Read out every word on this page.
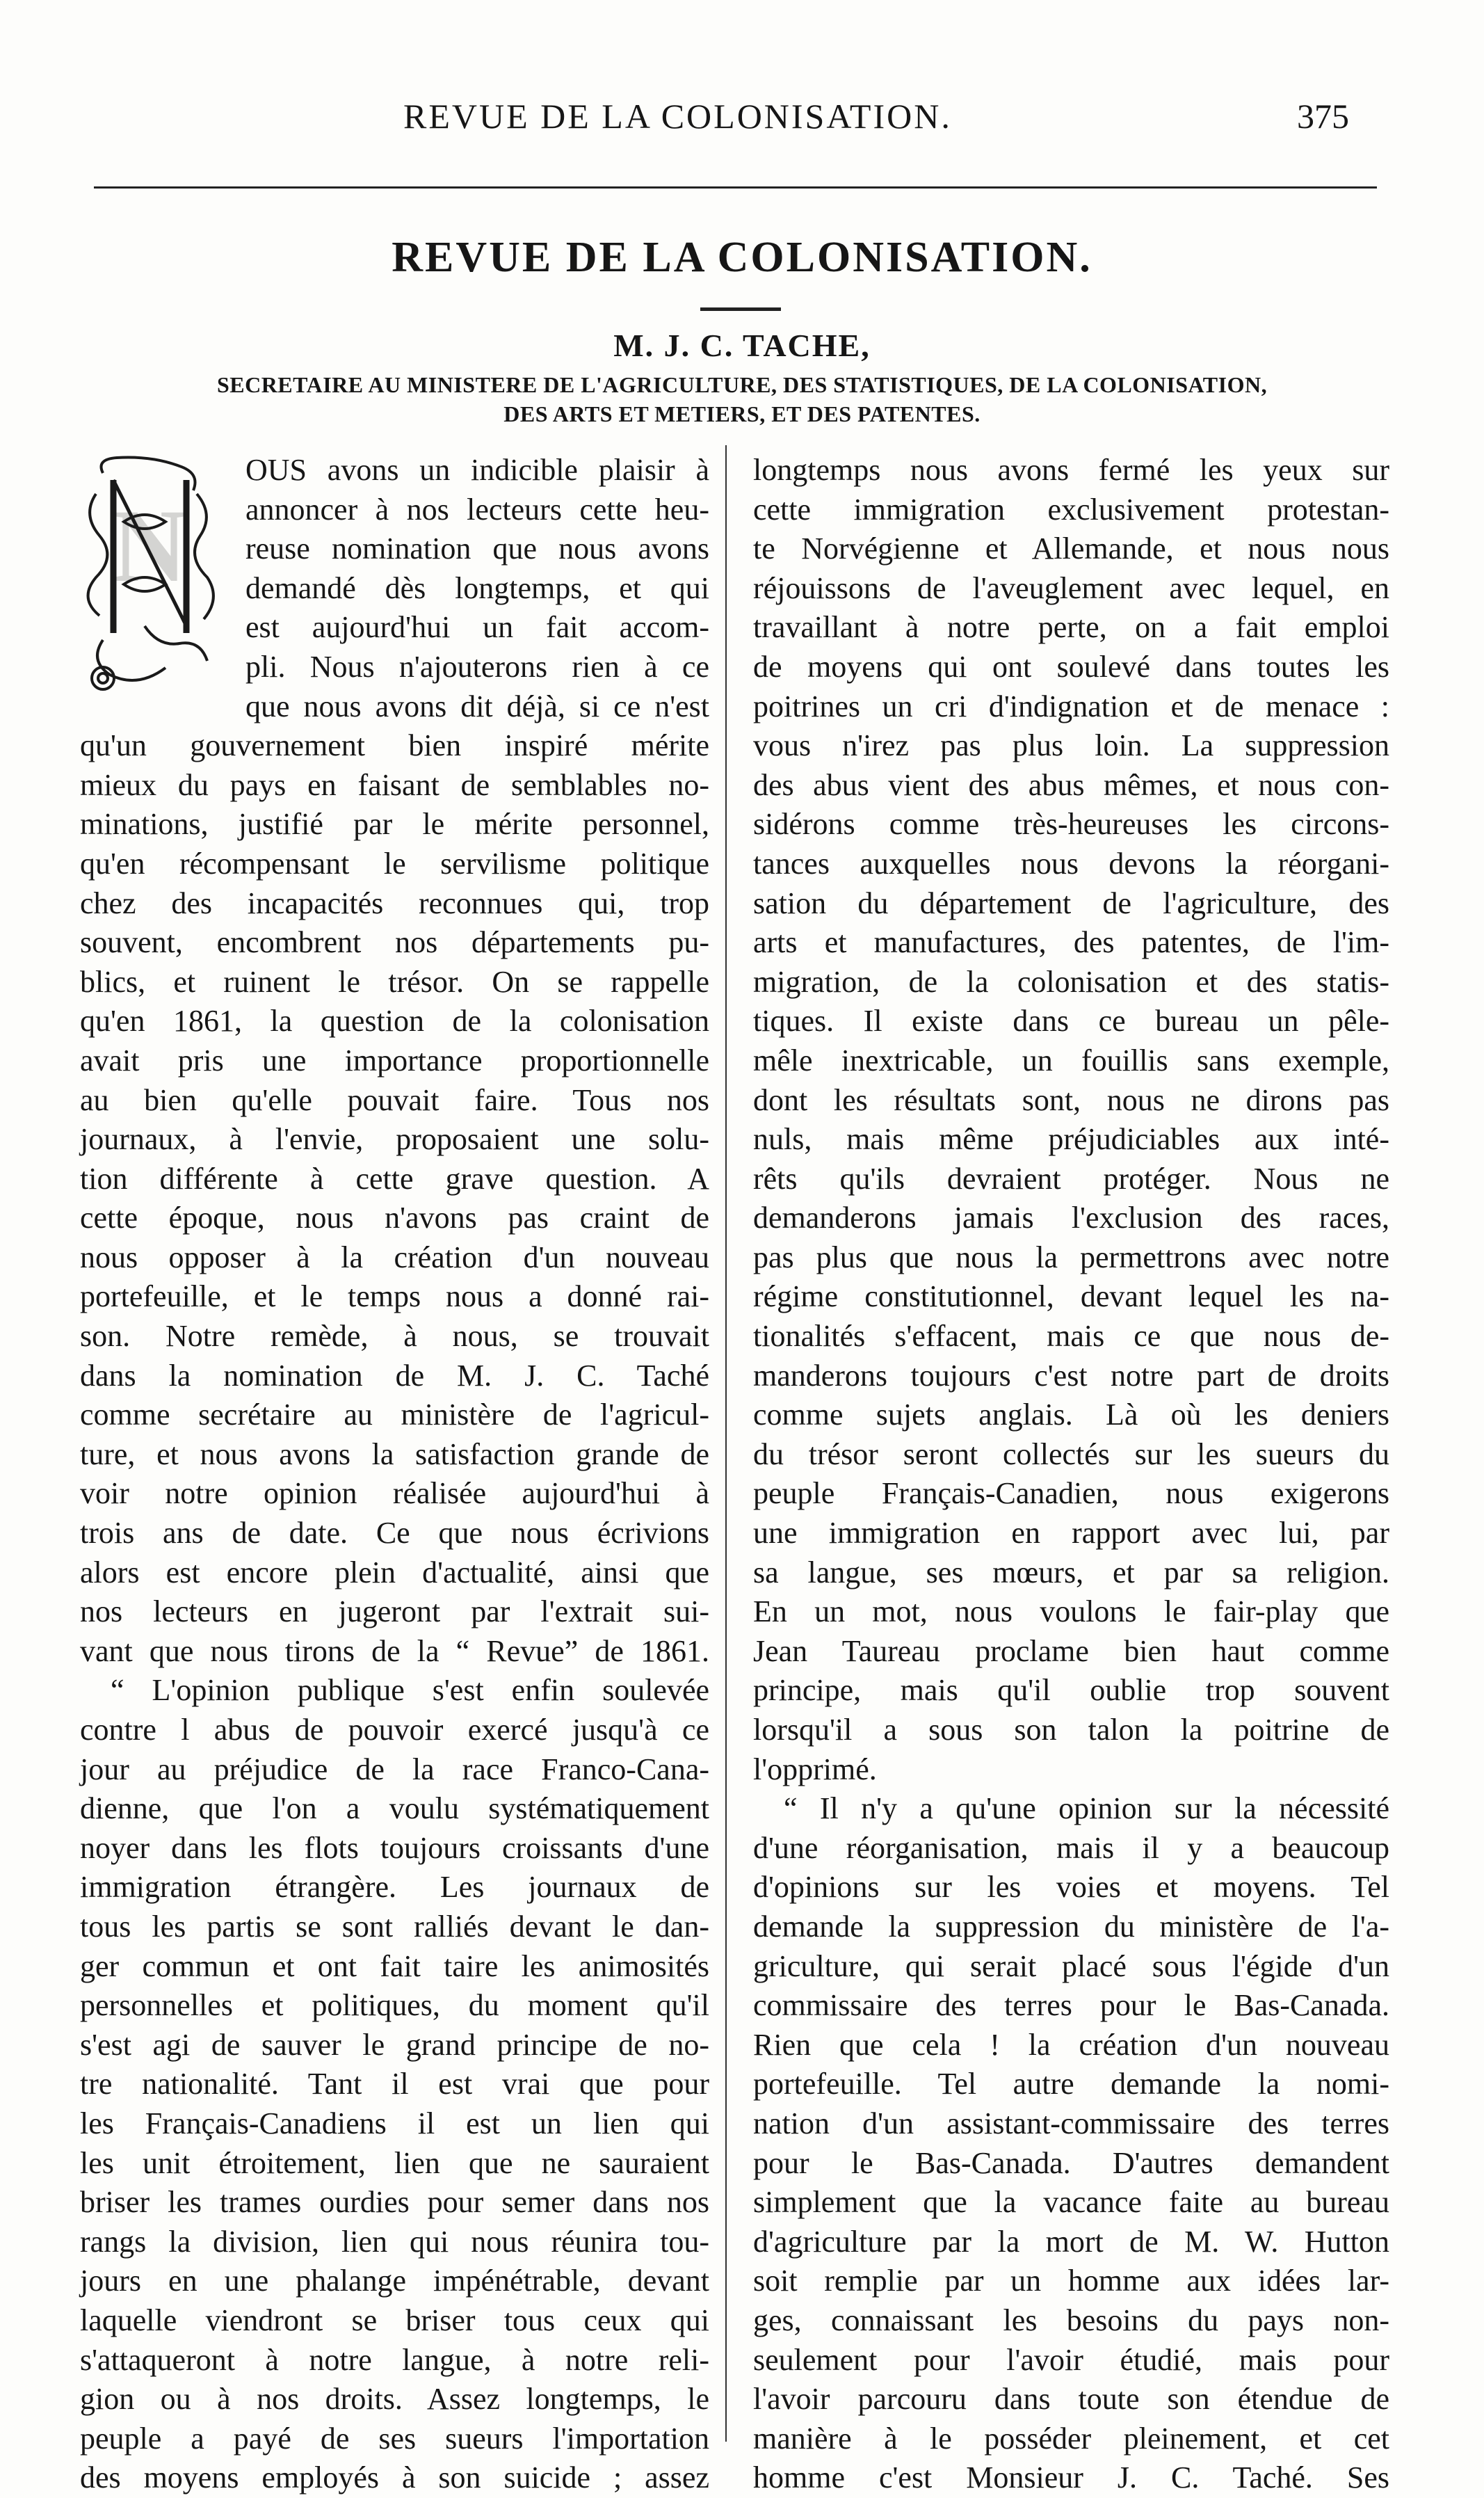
REVUE DE LA COLONISATION.	375
REVUE DE LA COLONISATION.
M. J. C. TACHE,
SECRETAIRE AU MINISTERE DE L'AGRICULTURE, DES STATISTIQUES, DE LA COLONISATION,
DES ARTS ET METIERS, ET DES PATENTES.
N
OUS avons un indicible plaisir à
annoncer à nos lecteurs cette heu-
reuse nomination que nous avons
demandé dès longtemps, et qui
est aujourd'hui un fait accom-
pli. Nous n'ajouterons rien à ce
que nous avons dit déjà, si ce n'est
qu'un gouvernement bien inspiré mérite
mieux du pays en faisant de semblables no-
minations, justifié par le mérite personnel,
qu'en récompensant le servilisme politique
chez des incapacités reconnues qui, trop
souvent, encombrent nos départements pu-
blics, et ruinent le trésor. On se rappelle
qu'en 1861, la question de la colonisation
avait pris une importance proportionnelle
au bien qu'elle pouvait faire. Tous nos
journaux, à l'envie, proposaient une solu-
tion différente à cette grave question. A
cette époque, nous n'avons pas craint de
nous opposer à la création d'un nouveau
portefeuille, et le temps nous a donné rai-
son. Notre remède, à nous, se trouvait
dans la nomination de M. J. C. Taché
comme secrétaire au ministère de l'agricul-
ture, et nous avons la satisfaction grande de
voir notre opinion réalisée aujourd'hui à
trois ans de date. Ce que nous écrivions
alors est encore plein d'actualité, ainsi que
nos lecteurs en jugeront par l'extrait sui-
vant que nous tirons de la “ Revue” de 1861.
“ L'opinion publique s'est enfin soulevée
contre l abus de pouvoir exercé jusqu'à ce
jour au préjudice de la race Franco-Cana-
dienne, que l'on a voulu systématiquement
noyer dans les flots toujours croissants d'une
immigration étrangère. Les journaux de
tous les partis se sont ralliés devant le dan-
ger commun et ont fait taire les animosités
personnelles et politiques, du moment qu'il
s'est agi de sauver le grand principe de no-
tre nationalité. Tant il est vrai que pour
les Français-Canadiens il est un lien qui
les unit étroitement, lien que ne sauraient
briser les trames ourdies pour semer dans nos
rangs la division, lien qui nous réunira tou-
jours en une phalange impénétrable, devant
laquelle viendront se briser tous ceux qui
s'attaqueront à notre langue, à notre reli-
gion ou à nos droits. Assez longtemps, le
peuple a payé de ses sueurs l'importation
des moyens employés à son suicide ; assez
longtemps nous avons fermé les yeux sur
cette immigration exclusivement protestan-
te Norvégienne et Allemande, et nous nous
réjouissons de l'aveuglement avec lequel, en
travaillant à notre perte, on a fait emploi
de moyens qui ont soulevé dans toutes les
poitrines un cri d'indignation et de menace :
vous n'irez pas plus loin. La suppression
des abus vient des abus mêmes, et nous con-
sidérons comme très-heureuses les circons-
tances auxquelles nous devons la réorgani-
sation du département de l'agriculture, des
arts et manufactures, des patentes, de l'im-
migration, de la colonisation et des statis-
tiques. Il existe dans ce bureau un pêle-
mêle inextricable, un fouillis sans exemple,
dont les résultats sont, nous ne dirons pas
nuls, mais même préjudiciables aux inté-
rêts qu'ils devraient protéger. Nous ne
demanderons jamais l'exclusion des races,
pas plus que nous la permettrons avec notre
régime constitutionnel, devant lequel les na-
tionalités s'effacent, mais ce que nous de-
manderons toujours c'est notre part de droits
comme sujets anglais. Là où les deniers
du trésor seront collectés sur les sueurs du
peuple Français-Canadien, nous exigerons
une immigration en rapport avec lui, par
sa langue, ses mœurs, et par sa religion.
En un mot, nous voulons le fair-play que
Jean Taureau proclame bien haut comme
principe, mais qu'il oublie trop souvent
lorsqu'il a sous son talon la poitrine de
l'opprimé.
“ Il n'y a qu'une opinion sur la nécessité
d'une réorganisation, mais il y a beaucoup
d'opinions sur les voies et moyens. Tel
demande la suppression du ministère de l'a-
griculture, qui serait placé sous l'égide d'un
commissaire des terres pour le Bas-Canada.
Rien que cela ! la création d'un nouveau
portefeuille. Tel autre demande la nomi-
nation d'un assistant-commissaire des terres
pour le Bas-Canada. D'autres demandent
simplement que la vacance faite au bureau
d'agriculture par la mort de M. W. Hutton
soit remplie par un homme aux idées lar-
ges, connaissant les besoins du pays non-
seulement pour l'avoir étudié, mais pour
l'avoir parcouru dans toute son étendue de
manière à le posséder pleinement, et cet
homme c'est Monsieur J. C. Taché. Ses
